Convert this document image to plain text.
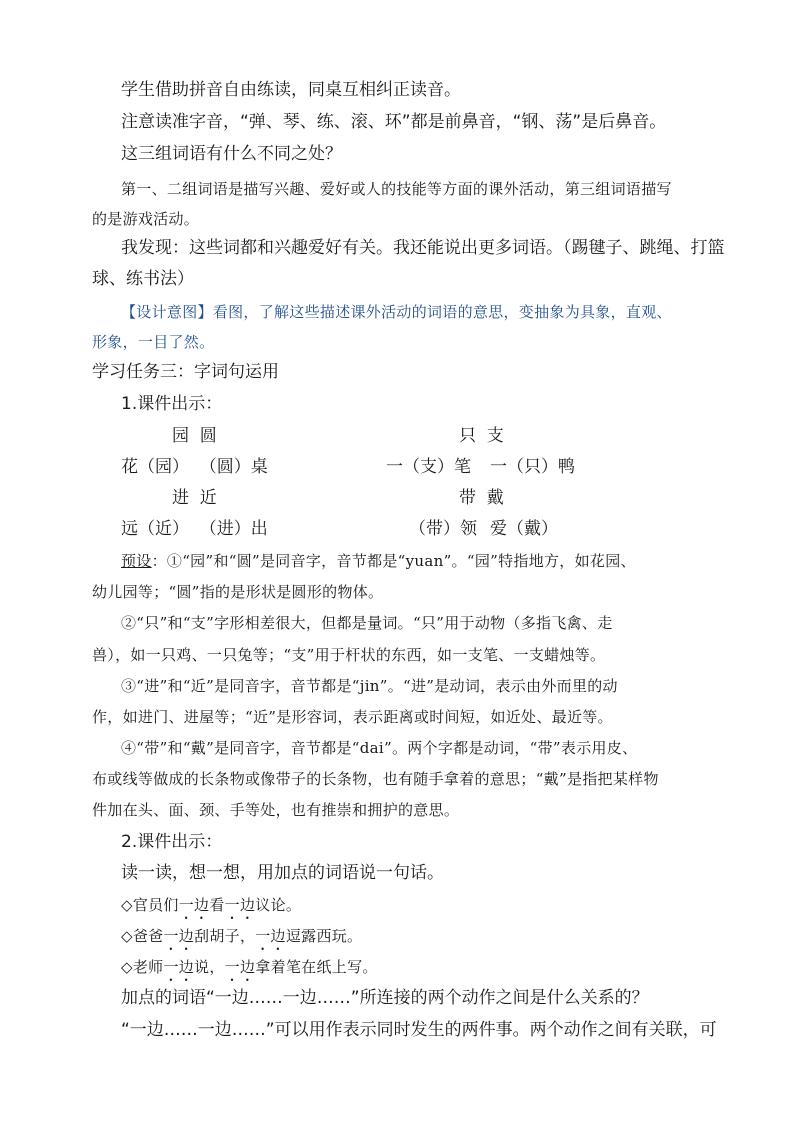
学生借助拼音自由练读，同桌互相纠正读音。
注意读准字音，“弹、琴、练、滚、环”都是前鼻音，“钢、荡”是后鼻音。
这三组词语有什么不同之处？
第一、二组词语是描写兴趣、爱好或人的技能等方面的课外活动，第三组词语描写
的是游戏活动。
我发现：这些词都和兴趣爱好有关。我还能说出更多词语。（踢毽子、跳绳、打篮
球、练书法）
【设计意图】看图，了解这些描述课外活动的词语的意思，变抽象为具象，直观、
形象，一目了然。
学习任务三：字词句运用
1.课件出示：
园  圆	只  支
花（园）  （圆）桌	一（支）笔 一（只）鸭
进  近	带  戴
远（近）  （进）出	（带）领 爱（戴）
预设：①“园”和“圆”是同音字，音节都是“yuan”。“园”特指地方，如花园、
幼儿园等；“圆”指的是形状是圆形的物体。
②“只”和“支”字形相差很大，但都是量词。“只”用于动物（多指飞禽、走
兽），如一只鸡、一只兔等；“支”用于杆状的东西，如一支笔、一支蜡烛等。
③“进”和“近”是同音字，音节都是“jin”。“进”是动词，表示由外而里的动
作，如进门、进屋等；“近”是形容词，表示距离或时间短，如近处、最近等。
④“带”和“戴”是同音字，音节都是“dai”。两个字都是动词，“带”表示用皮、
布或线等做成的长条物或像带子的长条物，也有随手拿着的意思；“戴”是指把某样物
件加在头、面、颈、手等处，也有推崇和拥护的意思。
2.课件出示：
读一读，想一想，用加点的词语说一句话。
◇官员们一边看一边议论。
◇爸爸一边刮胡子，一边逗露西玩。
◇老师一边说，一边拿着笔在纸上写。
加点的词语“一边……一边……”所连接的两个动作之间是什么关系的？
“一边……一边……”可以用作表示同时发生的两件事。两个动作之间有关联，可
